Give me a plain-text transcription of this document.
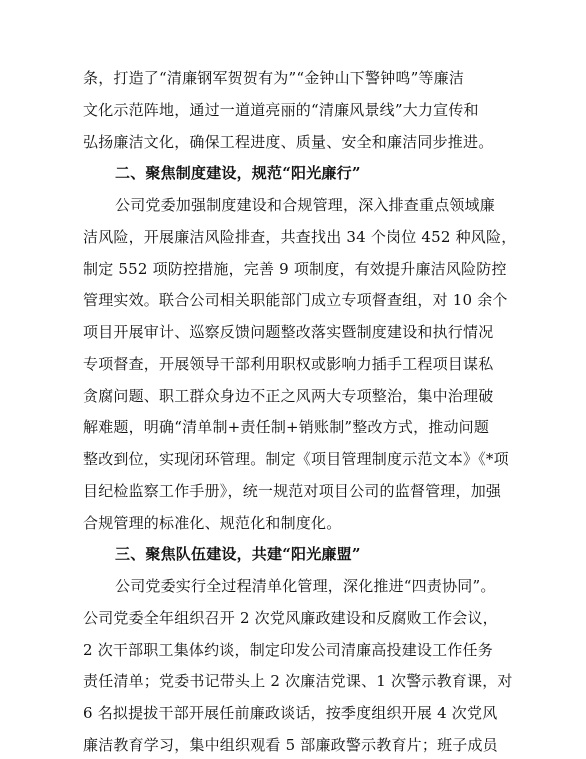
条，打造了“清廉钢军贺贺有为”“金钟山下警钟鸣”等廉洁
文化示范阵地，通过一道道亮丽的“清廉风景线”大力宣传和
弘扬廉洁文化，确保工程进度、质量、安全和廉洁同步推进。
二、聚焦制度建设，规范“阳光廉行”
公司党委加强制度建设和合规管理，深入排查重点领域廉
洁风险，开展廉洁风险排查，共查找出 34 个岗位 452 种风险，
制定 552 项防控措施，完善 9 项制度，有效提升廉洁风险防控
管理实效。联合公司相关职能部门成立专项督查组，对 10 余个
项目开展审计、巡察反馈问题整改落实暨制度建设和执行情况
专项督查，开展领导干部利用职权或影响力插手工程项目谋私
贪腐问题、职工群众身边不正之风两大专项整治，集中治理破
解难题，明确“清单制+责任制+销账制”整改方式，推动问题
整改到位，实现闭环管理。制定《项目管理制度示范文本》《*项
目纪检监察工作手册》，统一规范对项目公司的监督管理，加强
合规管理的标准化、规范化和制度化。
三、聚焦队伍建设，共建“阳光廉盟”
公司党委实行全过程清单化管理，深化推进“四责协同”。
公司党委全年组织召开 2 次党风廉政建设和反腐败工作会议，
2 次干部职工集体约谈，制定印发公司清廉高投建设工作任务
责任清单；党委书记带头上 2 次廉洁党课、1 次警示教育课，对
6 名拟提拔干部开展任前廉政谈话，按季度组织开展 4 次党风
廉洁教育学习，集中组织观看 5 部廉政警示教育片；班子成员
